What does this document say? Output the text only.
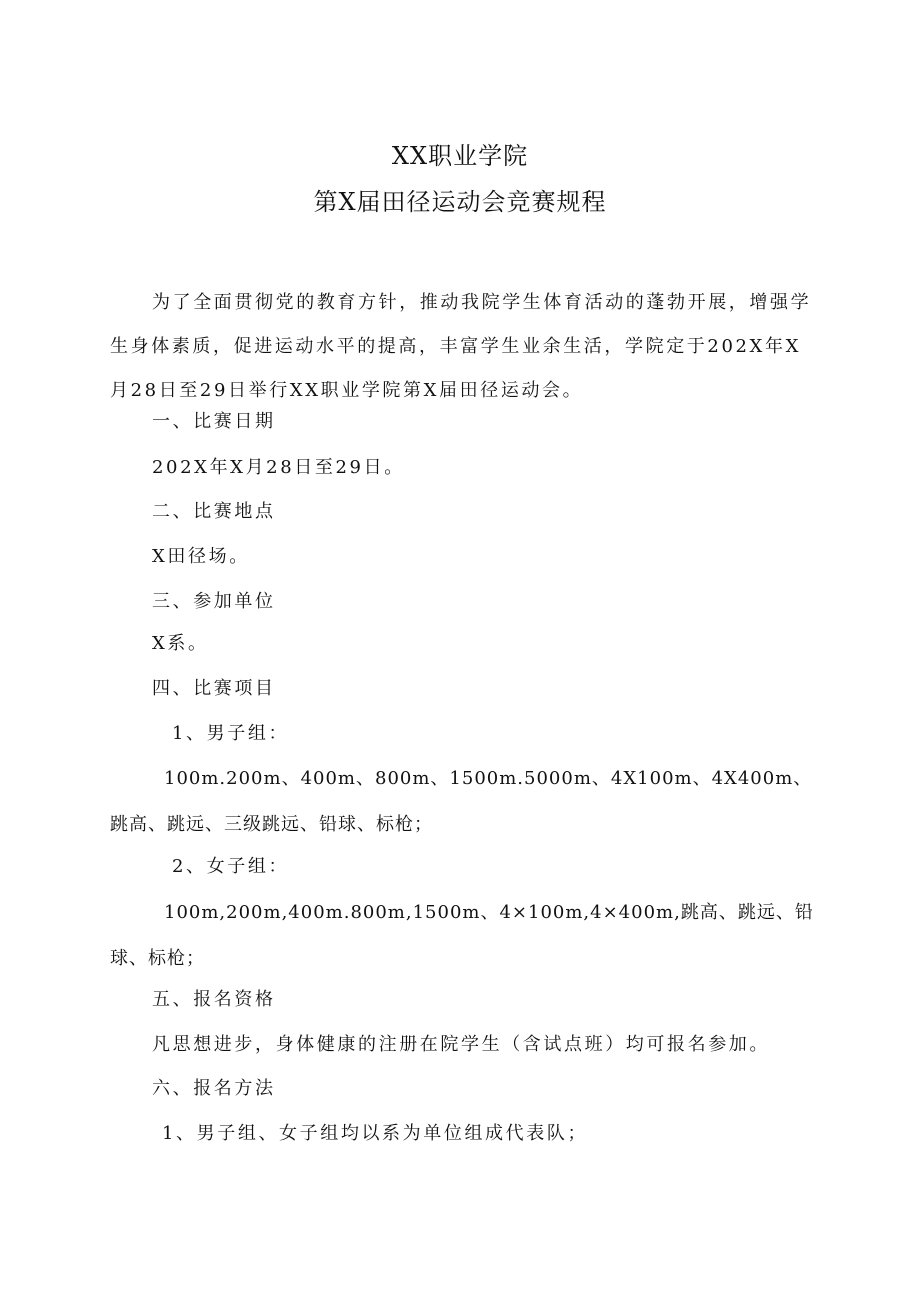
XX职业学院
第X届田径运动会竞赛规程
为了全面贯彻党的教育方针，推动我院学生体育活动的蓬勃开展，增强学生身体素质，促进运动水平的提高，丰富学生业余生活，学院定于202X年X月28日至29日举行XX职业学院第X届田径运动会。
一、比赛日期
202X年X月28日至29日。
二、比赛地点
X田径场。
三、参加单位
X系。
四、比赛项目
1、男子组：
100m.200m、400m、800m、1500m.5000m、4X100m、4X400m、跳高、跳远、三级跳远、铅球、标枪；
2、女子组：
100m,200m,400m.800m,1500m、4×100m,4×400m,跳高、跳远、铅球、标枪；
五、报名资格
凡思想进步，身体健康的注册在院学生（含试点班）均可报名参加。
六、报名方法
1、男子组、女子组均以系为单位组成代表队；
